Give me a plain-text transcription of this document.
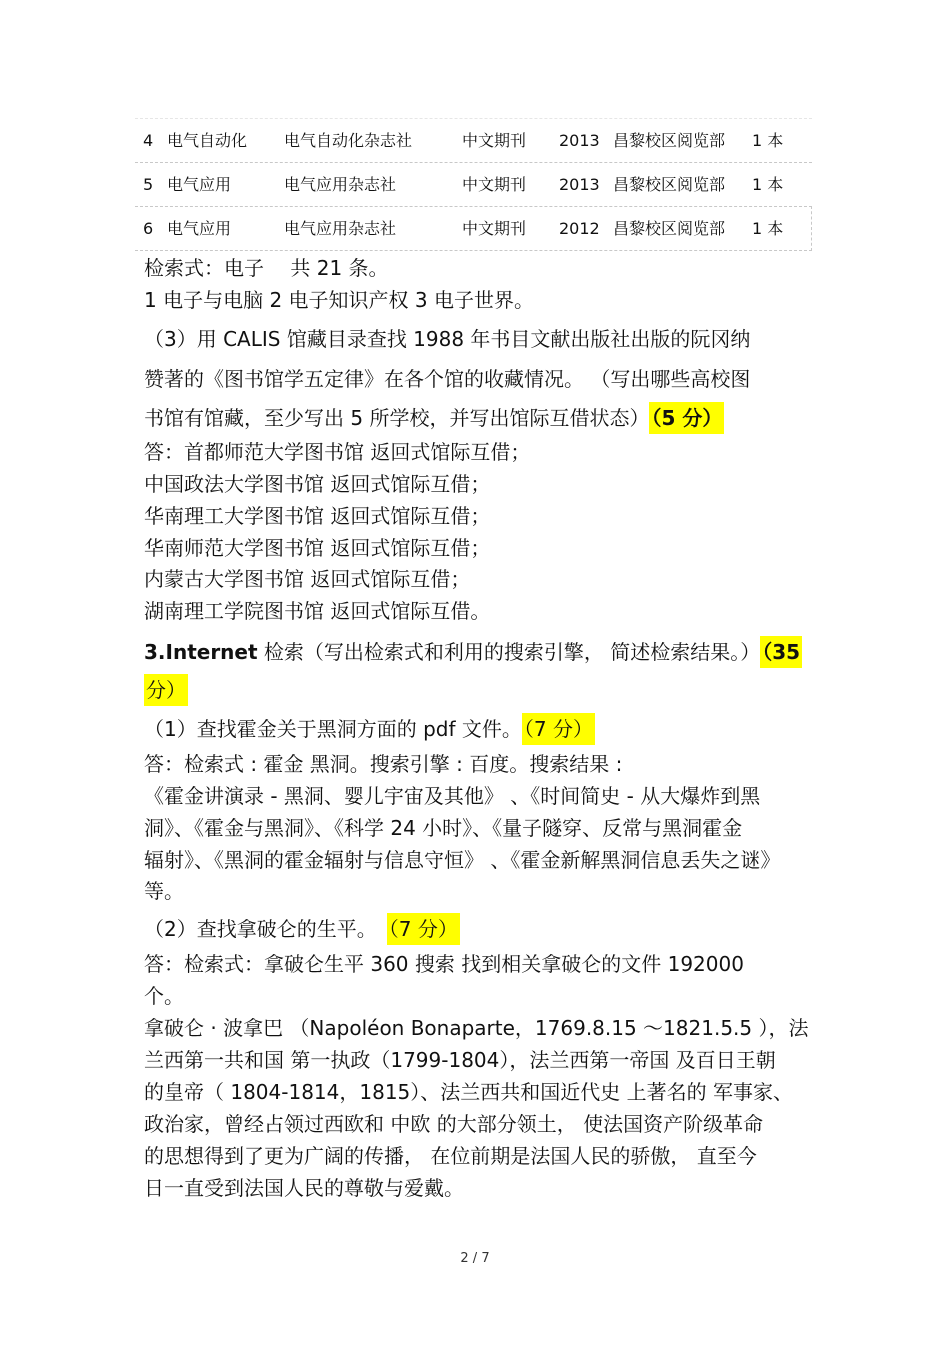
4 电气自动化 电气自动化杂志社	中文期刊 2013 昌黎校区阅览部 1 本
5 电气应用	电气应用杂志社	中文期刊 2013 昌黎校区阅览部 1 本
6 电气应用	电气应用杂志社	中文期刊 2012 昌黎校区阅览部 1 本
检索式：电子　 共 21 条。
1 电子与电脑 2 电子知识产权 3 电子世界。
（3）用 CALIS 馆藏目录查找 1988 年书目文献出版社出版的阮冈纳
赞著的《图书馆学五定律》在各个馆的收藏情况。 （写出哪些高校图
书馆有馆藏，至少写出 5 所学校，并写出馆际互借状态） （5 分）
答：首都师范大学图书馆 返回式馆际互借；
中国政法大学图书馆 返回式馆际互借；
华南理工大学图书馆 返回式馆际互借；
华南师范大学图书馆 返回式馆际互借；
内蒙古大学图书馆 返回式馆际互借；
湖南理工学院图书馆 返回式馆际互借。
3.Internet 检索（写出检索式和利用的搜索引擎， 简述检索结果。） （35
分）
（1）查找霍金关于黑洞方面的 pdf 文件。 （7 分）
答：检索式 : 霍金 黑洞。搜索引擎 : 百度。搜索结果 :
《霍金讲演录 - 黑洞、婴儿宇宙及其他》 、《时间简史 - 从大爆炸到黑
洞》、《霍金与黑洞》、《科学 24 小时》、《量子隧穿、反常与黑洞霍金
辐射》、《黑洞的霍金辐射与信息守恒》 、《霍金新解黑洞信息丢失之谜》
等。
（2）查找拿破仑的生平。　 （7 分）
答：检索式：拿破仑生平 360 搜索 找到相关拿破仑的文件 192000
个。
拿破仑 · 波拿巴 （Napoléon Bonaparte，1769.8.15 ～1821.5.5 ），法
兰西第一共和国 第一执政（1799-1804），法兰西第一帝国 及百日王朝
的皇帝（ 1804-1814，1815）、法兰西共和国近代史 上著名的 军事家、
政治家，曾经占领过西欧和 中欧 的大部分领土， 使法国资产阶级革命
的思想得到了更为广阔的传播， 在位前期是法国人民的骄傲， 直至今
日一直受到法国人民的尊敬与爱戴。
2 / 7
